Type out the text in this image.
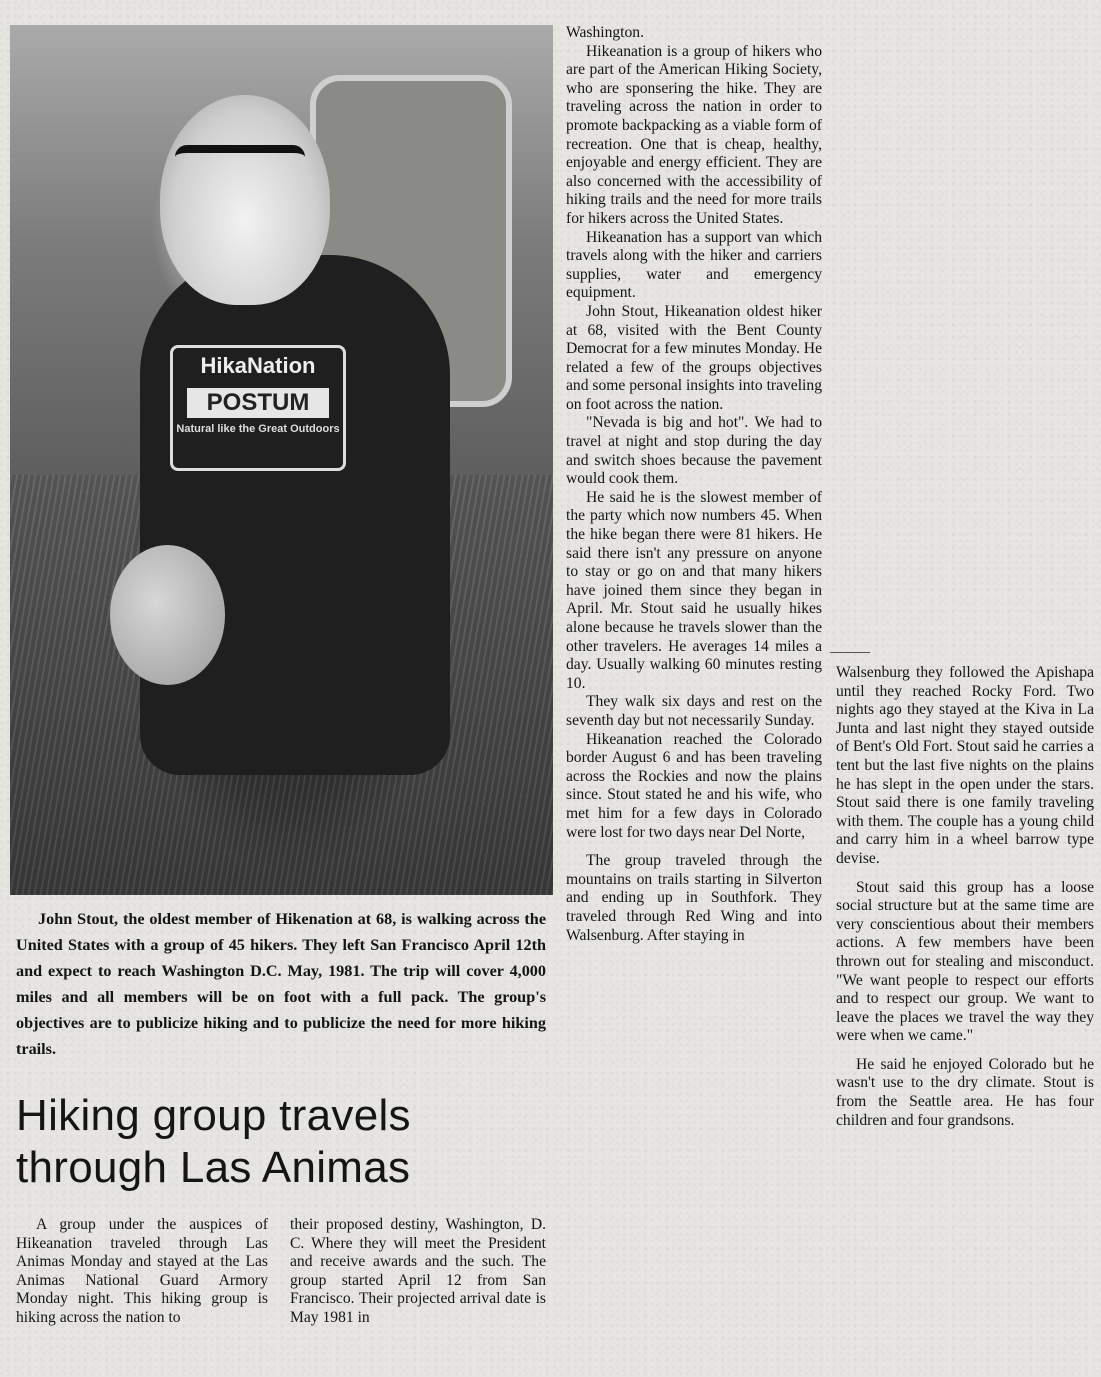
HikaNation
POSTUM
Natural like the Great Outdoors

John Stout, the oldest member of Hikenation at 68, is walking across the United States with a group of 45 hikers. They left San Francisco April 12th and expect to reach Washington D.C. May, 1981. The trip will cover 4,000 miles and all members will be on foot with a full pack. The group's objectives are to publicize hiking and to publicize the need for more hiking trails.

Hiking group travels through Las Animas

A group under the auspices of Hikeanation traveled through Las Animas Monday and stayed at the Las Animas National Guard Armory Monday night. This hiking group is hiking across the nation to

their proposed destiny, Washington, D. C. Where they will meet the President and receive awards and the such. The group started April 12 from San Francisco. Their projected arrival date is May 1981 in

Washington.

Hikeanation is a group of hikers who are part of the American Hiking Society, who are sponsering the hike. They are traveling across the nation in order to promote backpacking as a viable form of recreation. One that is cheap, healthy, enjoyable and energy efficient. They are also concerned with the accessibility of hiking trails and the need for more trails for hikers across the United States.

Hikeanation has a support van which travels along with the hiker and carriers supplies, water and emergency equipment.

John Stout, Hikeanation oldest hiker at 68, visited with the Bent County Democrat for a few minutes Monday. He related a few of the groups objectives and some personal insights into traveling on foot across the nation.

"Nevada is big and hot". We had to travel at night and stop during the day and switch shoes because the pavement would cook them.

He said he is the slowest member of the party which now numbers 45. When the hike began there were 81 hikers. He said there isn't any pressure on anyone to stay or go on and that many hikers have joined them since they began in April. Mr. Stout said he usually hikes alone because he travels slower than the other travelers. He averages 14 miles a day. Usually walking 60 minutes resting 10.

They walk six days and rest on the seventh day but not necessarily Sunday.

Hikeanation reached the Colorado border August 6 and has been traveling across the Rockies and now the plains since. Stout stated he and his wife, who met him for a few days in Colorado were lost for two days near Del Norte,

The group traveled through the mountains on trails starting in Silverton and ending up in Southfork. They traveled through Red Wing and into Walsenburg. After staying in

Walsenburg they followed the Apishapa until they reached Rocky Ford. Two nights ago they stayed at the Kiva in La Junta and last night they stayed outside of Bent's Old Fort. Stout said he carries a tent but the last five nights on the plains he has slept in the open under the stars. Stout said there is one family traveling with them. The couple has a young child and carry him in a wheel barrow type devise.

Stout said this group has a loose social structure but at the same time are very conscientious about their members actions. A few members have been thrown out for stealing and misconduct. "We want people to respect our efforts and to respect our group. We want to leave the places we travel the way they were when we came."

He said he enjoyed Colorado but he wasn't use to the dry climate. Stout is from the Seattle area. He has four children and four grandsons.
